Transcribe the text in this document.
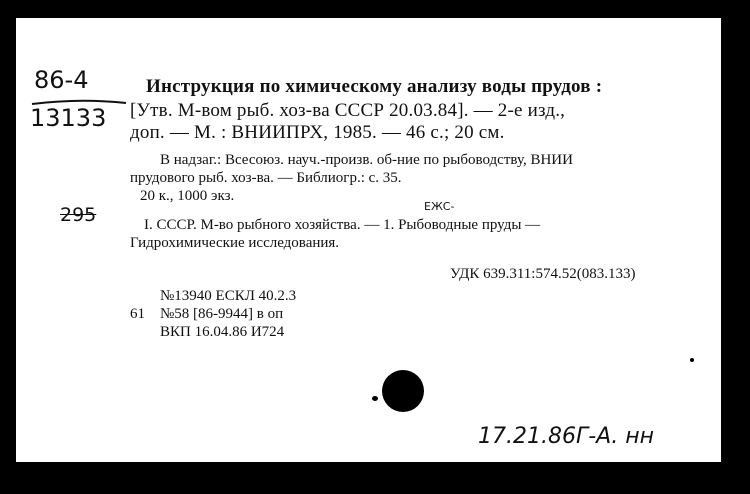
86-4
13133
295

Инструкция по химическому анализу воды прудов :

[Утв. М-вом рыб. хоз-ва СССР 20.03.84]. — 2-е изд.,

доп. — М. : ВНИИПРХ, 1985. — 46 с.; 20 см.

В надзаг.: Всесоюз. науч.-произв. об-ние по рыбоводству, ВНИИ

прудового рыб. хоз-ва. — Библиогр.: с. 35.

20 к., 1000 экз.

ЕЖС-

I. СССР. М-во рыбного хозяйства. — 1. Рыбоводные пруды —

Гидрохимические исследования.

УДК 639.311:574.52(083.133)

№13940 ЕСКЛ 40.2.3

61 №58 [86-9944] в оп

ВКП 16.04.86 И724

17.21.86Г-А. нн
